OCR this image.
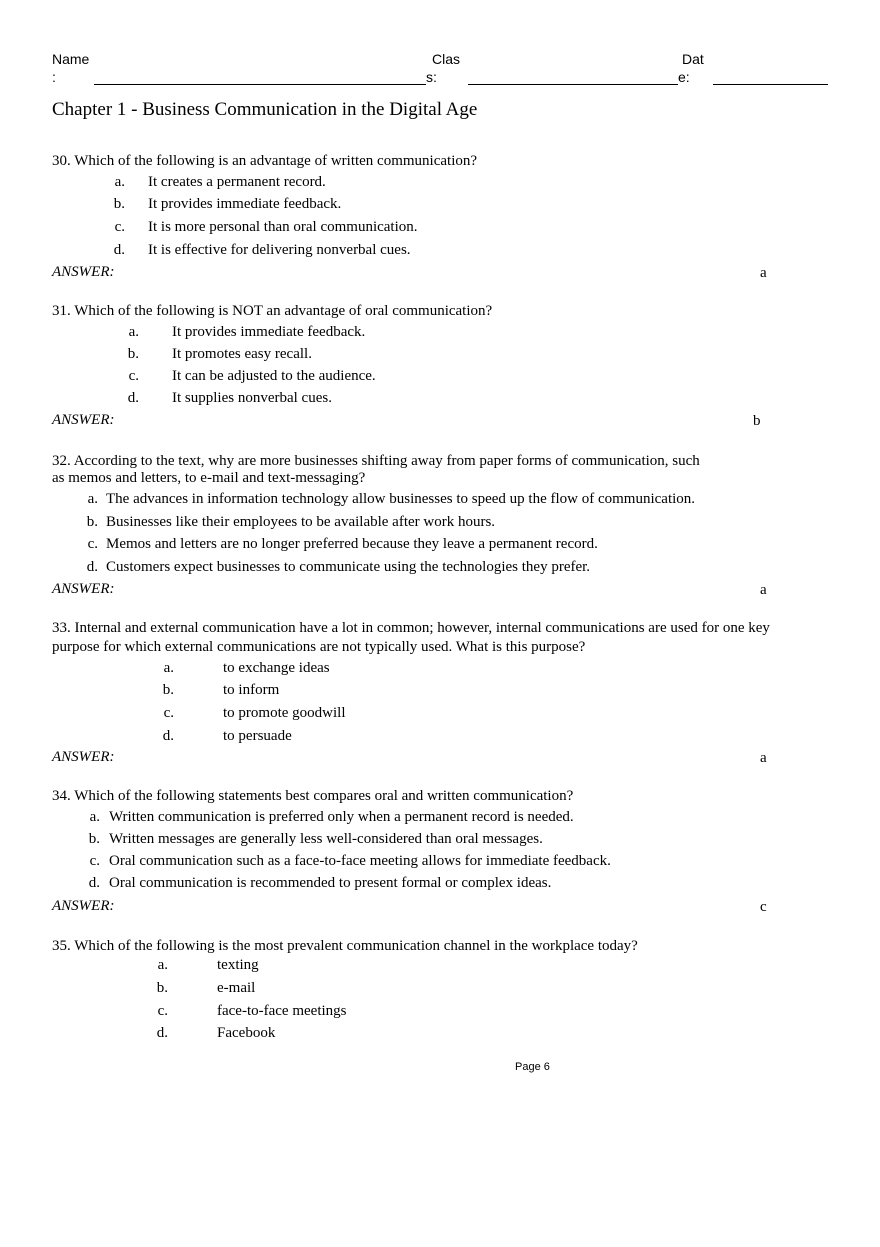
Name
:
Clas
s:
Dat
e:
Chapter 1 - Business Communication in the Digital Age
30. Which of the following is an advantage of written communication?
a. It creates a permanent record.
b. It provides immediate feedback.
c. It is more personal than oral communication.
d. It is effective for delivering nonverbal cues.
ANSWER:	a
31. Which of the following is NOT an advantage of oral communication?
a. It provides immediate feedback.
b. It promotes easy recall.
c. It can be adjusted to the audience.
d. It supplies nonverbal cues.
ANSWER:	b
32. According to the text, why are more businesses shifting away from paper forms of communication, such
as memos and letters, to e-mail and text-messaging?
a. The advances in information technology allow businesses to speed up the flow of communication.
b. Businesses like their employees to be available after work hours.
c. Memos and letters are no longer preferred because they leave a permanent record.
d. Customers expect businesses to communicate using the technologies they prefer.
ANSWER:	a
33. Internal and external communication have a lot in common; however, internal communications are used for one key
purpose for which external communications are not typically used. What is this purpose?
a.	to exchange ideas
b.	to inform
c.	to promote goodwill
d.	to persuade
ANSWER:	a
34. Which of the following statements best compares oral and written communication?
a. Written communication is preferred only when a permanent record is needed.
b. Written messages are generally less well-considered than oral messages.
c. Oral communication such as a face-to-face meeting allows for immediate feedback.
d. Oral communication is recommended to present formal or complex ideas.
ANSWER:	c
35. Which of the following is the most prevalent communication channel in the workplace today?
a.	texting
b.	e-mail
c.	face-to-face meetings
d.	Facebook
Page 6
